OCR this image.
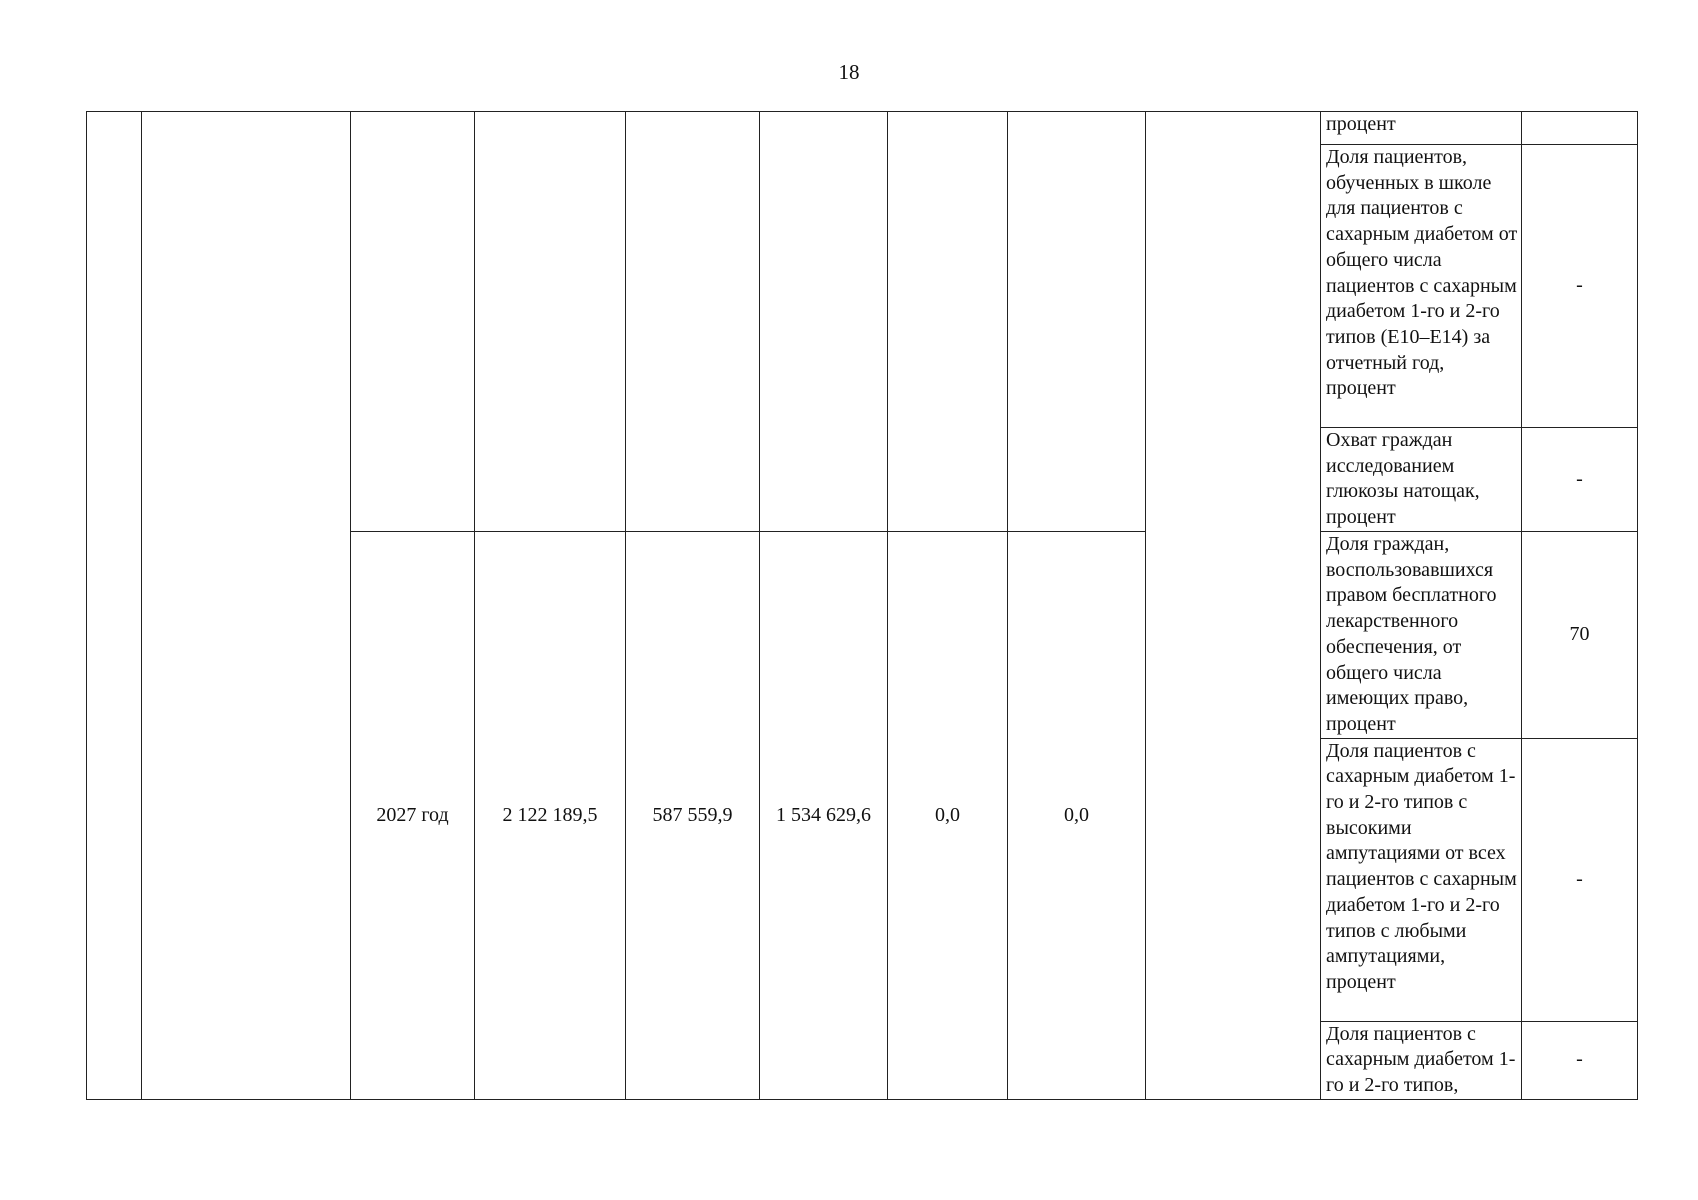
18
									процент	
									Доля пациентов, обученных в школе для пациентов с сахарным диабетом от общего числа пациентов с сахарным диабетом 1-го и 2-го типов (Е10–Е14) за отчетный год, процент	-
									Охват граждан исследованием глюкозы натощак, процент	-
		2027 год	2 122 189,5	587 559,9	1 534 629,6	0,0	0,0		Доля граждан, воспользовавшихся правом бесплатного лекарственного обеспечения, от общего числа имеющих право, процент	70
									Доля пациентов с сахарным диабетом 1-го и 2-го типов с высокими ампутациями от всех пациентов с сахарным диабетом 1-го и 2-го типов с любыми ампутациями, процент	-
									Доля пациентов с сахарным диабетом 1-го и 2-го типов,	-
